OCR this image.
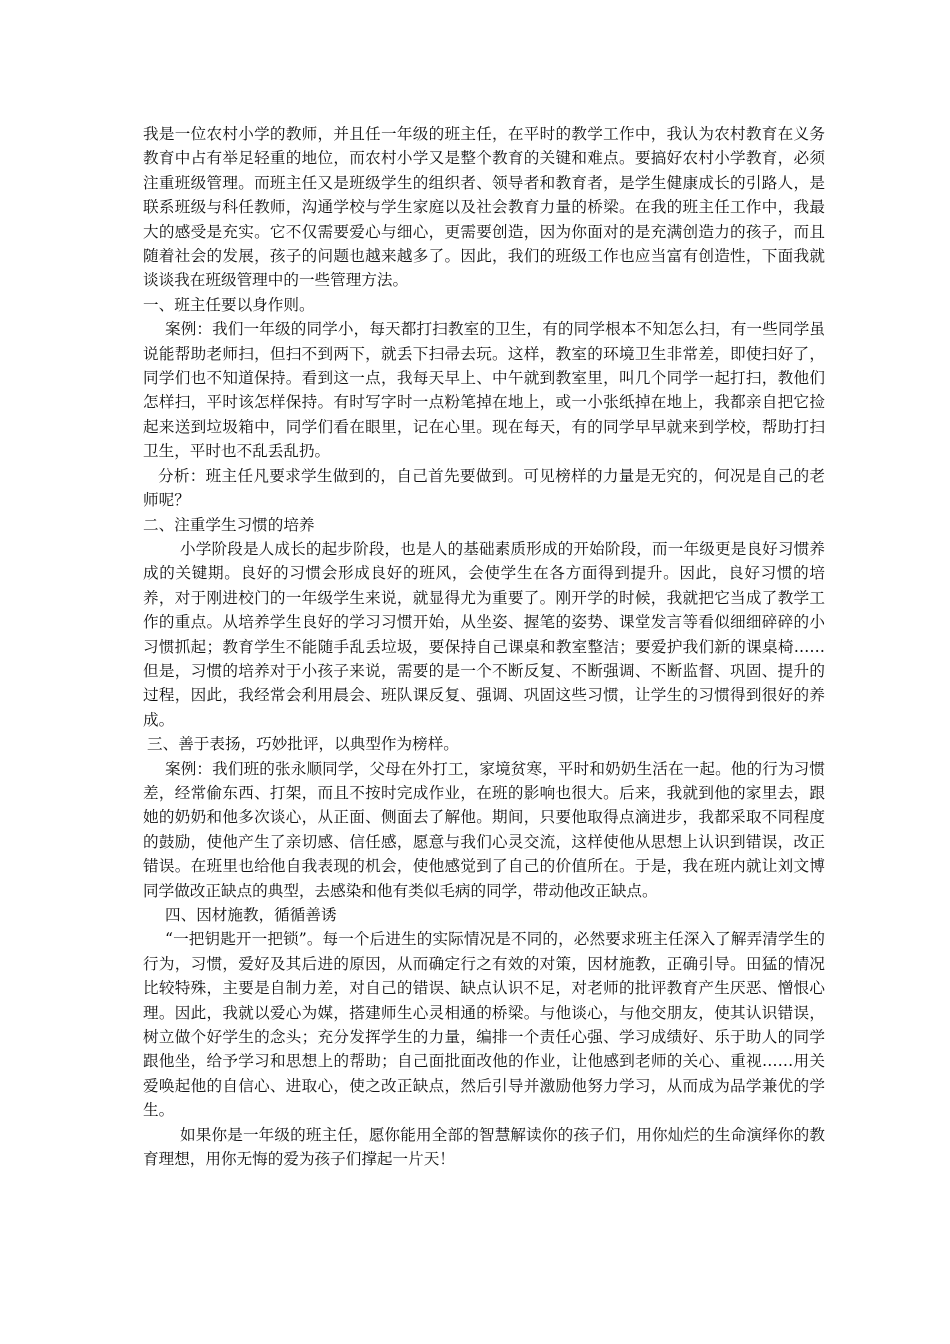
我是一位农村小学的教师，并且任一年级的班主任，在平时的教学工作中，我认为农村教育在义务教育中占有举足轻重的地位，而农村小学又是整个教育的关键和难点。要搞好农村小学教育，必须注重班级管理。而班主任又是班级学生的组织者、领导者和教育者，是学生健康成长的引路人，是联系班级与科任教师，沟通学校与学生家庭以及社会教育力量的桥梁。在我的班主任工作中，我最大的感受是充实。它不仅需要爱心与细心，更需要创造，因为你面对的是充满创造力的孩子，而且随着社会的发展，孩子的问题也越来越多了。因此，我们的班级工作也应当富有创造性，下面我就谈谈我在班级管理中的一些管理方法。

一、班主任要以身作则。

案例：我们一年级的同学小，每天都打扫教室的卫生，有的同学根本不知怎么扫，有一些同学虽说能帮助老师扫，但扫不到两下，就丢下扫帚去玩。这样，教室的环境卫生非常差，即使扫好了，同学们也不知道保持。看到这一点，我每天早上、中午就到教室里，叫几个同学一起打扫，教他们怎样扫，平时该怎样保持。有时写字时一点粉笔掉在地上，或一小张纸掉在地上，我都亲自把它捡起来送到垃圾箱中，同学们看在眼里，记在心里。现在每天，有的同学早早就来到学校，帮助打扫卫生，平时也不乱丢乱扔。

分析：班主任凡要求学生做到的，自己首先要做到。可见榜样的力量是无究的，何况是自己的老师呢？

二、注重学生习惯的培养

小学阶段是人成长的起步阶段，也是人的基础素质形成的开始阶段，而一年级更是良好习惯养成的关键期。良好的习惯会形成良好的班风，会使学生在各方面得到提升。因此，良好习惯的培养，对于刚进校门的一年级学生来说，就显得尤为重要了。刚开学的时候，我就把它当成了教学工作的重点。从培养学生良好的学习习惯开始，从坐姿、握笔的姿势、课堂发言等看似细细碎碎的小习惯抓起；教育学生不能随手乱丢垃圾，要保持自己课桌和教室整洁；要爱护我们新的课桌椅……但是，习惯的培养对于小孩子来说，需要的是一个不断反复、不断强调、不断监督、巩固、提升的过程，因此，我经常会利用晨会、班队课反复、强调、巩固这些习惯，让学生的习惯得到很好的养成。

三、善于表扬，巧妙批评，以典型作为榜样。

案例：我们班的张永顺同学，父母在外打工，家境贫寒，平时和奶奶生活在一起。他的行为习惯差，经常偷东西、打架，而且不按时完成作业，在班的影响也很大。后来，我就到他的家里去，跟她的奶奶和他多次谈心，从正面、侧面去了解他。期间，只要他取得点滴进步，我都采取不同程度的鼓励，使他产生了亲切感、信任感，愿意与我们心灵交流，这样使他从思想上认识到错误，改正错误。在班里也给他自我表现的机会，使他感觉到了自己的价值所在。于是，我在班内就让刘文博同学做改正缺点的典型，去感染和他有类似毛病的同学，带动他改正缺点。

四、因材施教，循循善诱

“一把钥匙开一把锁”。每一个后进生的实际情况是不同的，必然要求班主任深入了解弄清学生的行为，习惯，爱好及其后进的原因，从而确定行之有效的对策，因材施教，正确引导。田猛的情况比较特殊，主要是自制力差，对自己的错误、缺点认识不足，对老师的批评教育产生厌恶、憎恨心理。因此，我就以爱心为媒，搭建师生心灵相通的桥梁。与他谈心，与他交朋友，使其认识错误，树立做个好学生的念头；充分发挥学生的力量，编排一个责任心强、学习成绩好、乐于助人的同学跟他坐，给予学习和思想上的帮助；自己面批面改他的作业，让他感到老师的关心、重视……用关爱唤起他的自信心、进取心，使之改正缺点，然后引导并激励他努力学习，从而成为品学兼优的学生。

如果你是一年级的班主任，愿你能用全部的智慧解读你的孩子们，用你灿烂的生命演绎你的教育理想，用你无悔的爱为孩子们撑起一片天！
